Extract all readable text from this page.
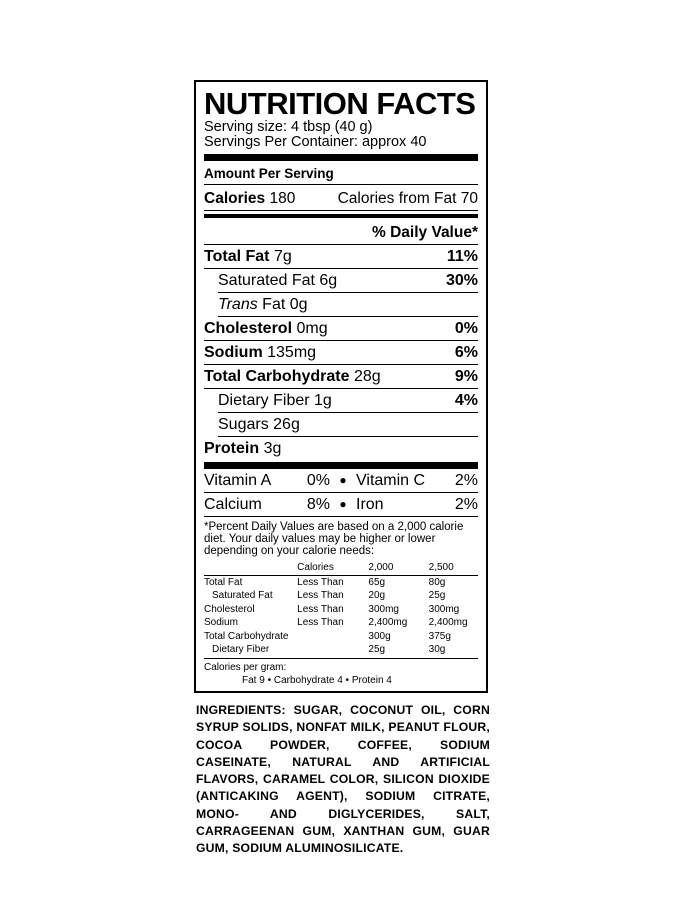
NUTRITION FACTS
Serving size: 4 tbsp (40 g)
Servings Per Container: approx 40
Amount Per Serving
Calories 180	Calories from Fat 70
% Daily Value*
Total Fat 7g	11%
Saturated Fat 6g	30%
Trans Fat 0g
Cholesterol 0mg	0%
Sodium 135mg	6%
Total Carbohydrate 28g	9%
Dietary Fiber 1g	4%
Sugars 26g
Protein 3g
Vitamin A	0% ● Vitamin C	2%
Calcium	8% ● Iron	2%
*Percent Daily Values are based on a 2,000 calorie diet. Your daily values may be higher or lower depending on your calorie needs:
	Calories	2,000	2,500
Total Fat	Less Than	65g	80g
Saturated Fat	Less Than	20g	25g
Cholesterol	Less Than	300mg	300mg
Sodium	Less Than	2,400mg	2,400mg
Total Carbohydrate		300g	375g
Dietary Fiber		25g	30g
Calories per gram:
Fat 9 • Carbohydrate 4 • Protein 4
INGREDIENTS: SUGAR, COCONUT OIL, CORN SYRUP SOLIDS, NONFAT MILK, PEANUT FLOUR, COCOA POWDER, COFFEE, SODIUM CASEINATE, NATURAL AND ARTIFICIAL FLAVORS, CARAMEL COLOR, SILICON DIOXIDE (ANTICAKING AGENT), SODIUM CITRATE, MONO- AND DIGLYCERIDES, SALT, CARRAGEENAN GUM, XANTHAN GUM, GUAR GUM, SODIUM ALUMINOSILICATE.
